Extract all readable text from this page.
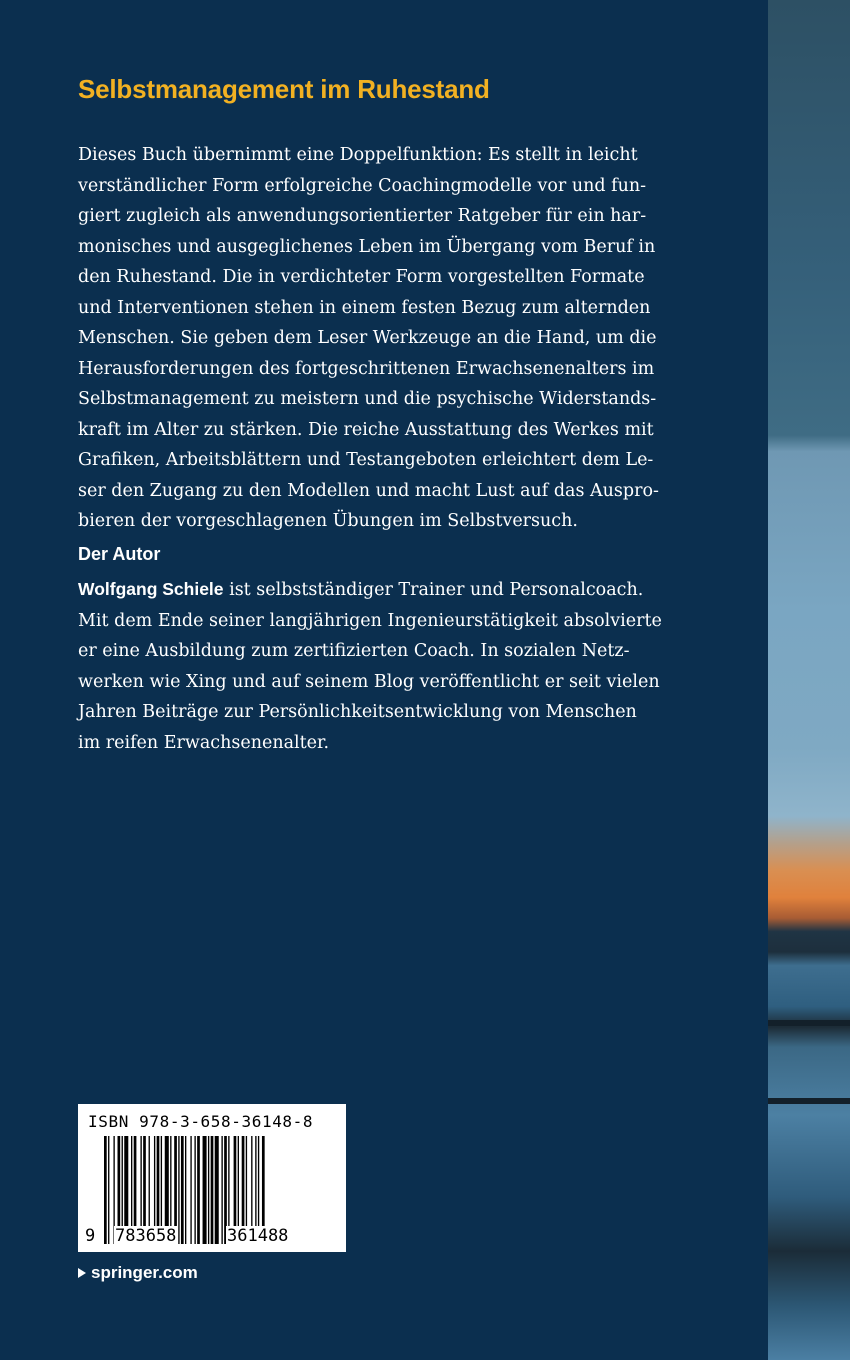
Selbstmanagement im Ruhestand
Dieses Buch übernimmt eine Doppelfunktion: Es stellt in leicht
verständlicher Form erfolgreiche Coachingmodelle vor und fun-
giert zugleich als anwendungsorientierter Ratgeber für ein har-
monisches und ausgeglichenes Leben im Übergang vom Beruf in
den Ruhestand. Die in verdichteter Form vorgestellten Formate
und Interventionen stehen in einem festen Bezug zum alternden
Menschen. Sie geben dem Leser Werkzeuge an die Hand, um die
Herausforderungen des fortgeschrittenen Erwachsenenalters im
Selbstmanagement zu meistern und die psychische Widerstands-
kraft im Alter zu stärken. Die reiche Ausstattung des Werkes mit
Grafiken, Arbeitsblättern und Testangeboten erleichtert dem Le-
ser den Zugang zu den Modellen und macht Lust auf das Auspro-
bieren der vorgeschlagenen Übungen im Selbstversuch.
Der Autor
Wolfgang Schiele ist selbstständiger Trainer und Personalcoach.
Mit dem Ende seiner langjährigen Ingenieurstätigkeit absolvierte
er eine Ausbildung zum zertifizierten Coach. In sozialen Netz-
werken wie Xing und auf seinem Blog veröffentlicht er seit vielen
Jahren Beiträge zur Persönlichkeitsentwicklung von Menschen
im reifen Erwachsenenalter.
ISBN 978-3-658-36148-8
9 783658	361488
springer.com
